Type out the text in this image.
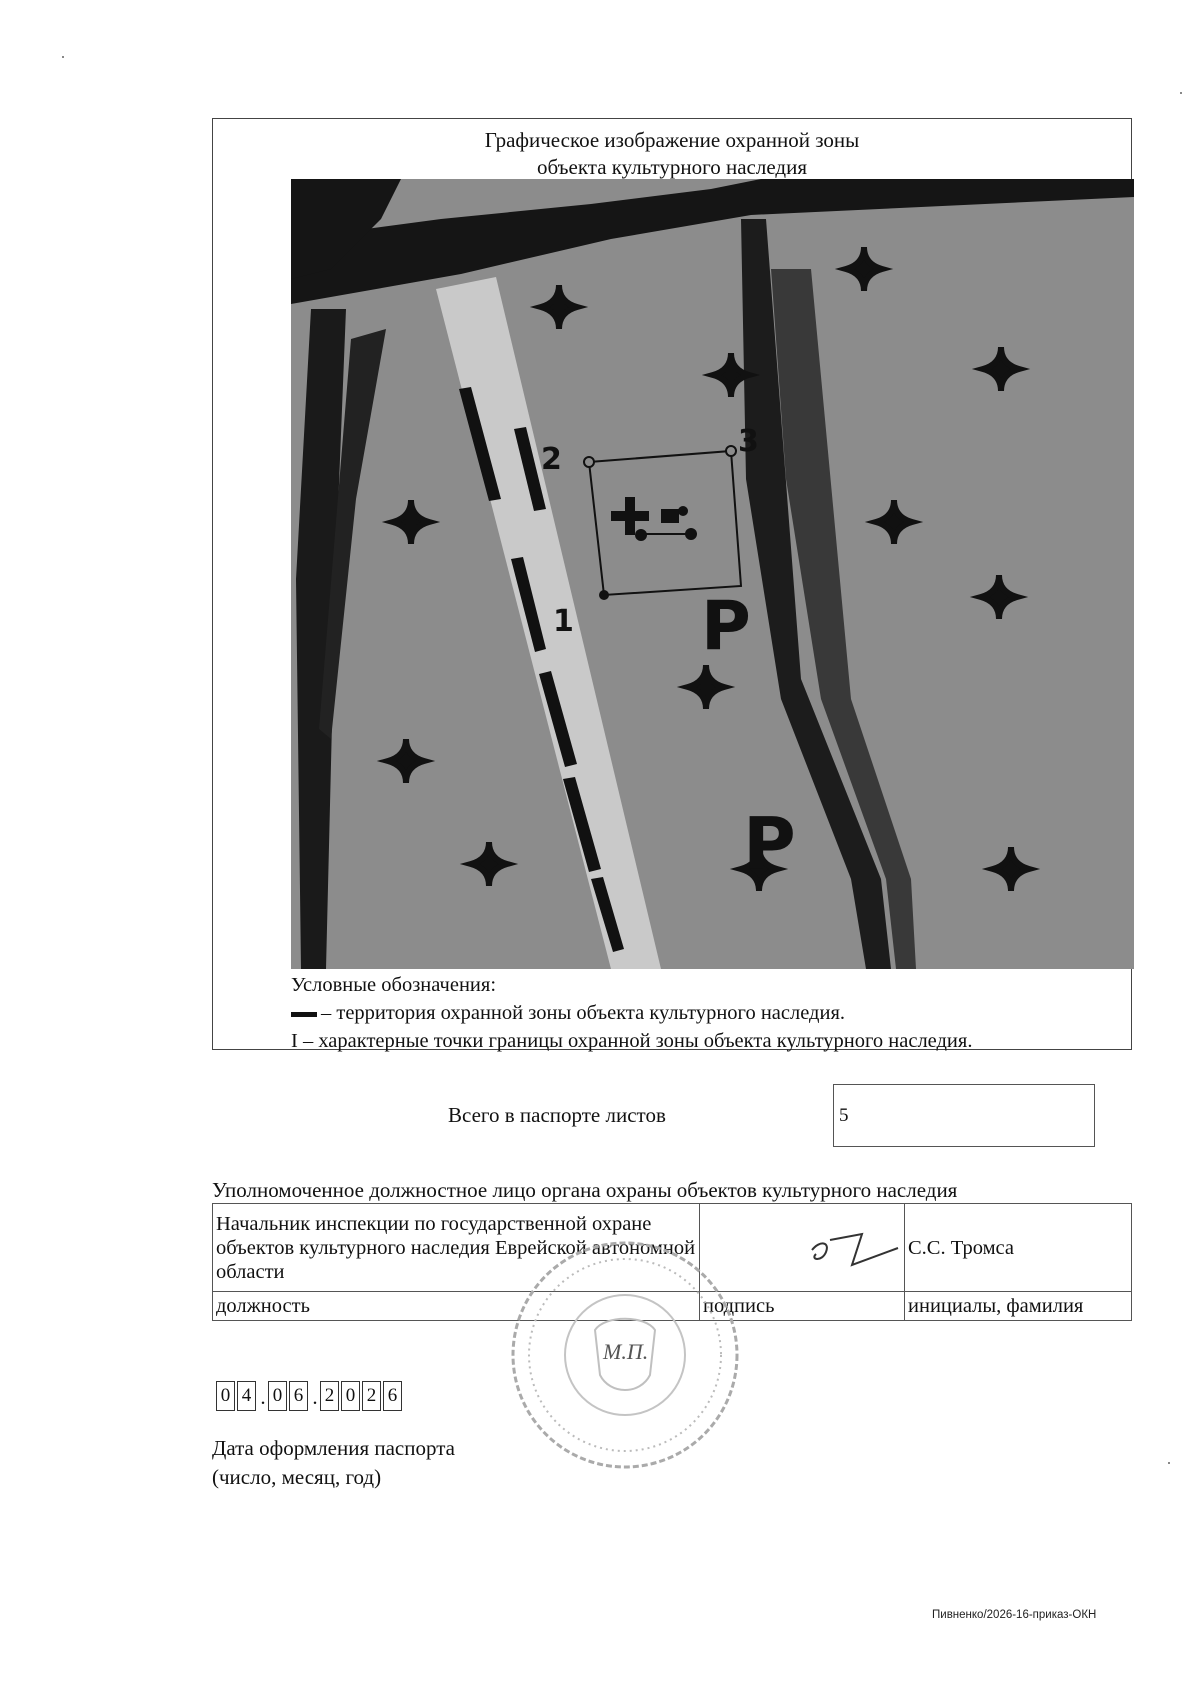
Графическое изображение охранной зоны
объекта культурного наследия
2
3
1 Р
Р
Условные обозначения:
– территория охранной зоны объекта культурного наследия.
I – характерные точки границы охранной зоны объекта культурного наследия.
Всего в паспорте листов	5
Уполномоченное должностное лицо органа охраны объектов культурного наследия
Начальник инспекции по государственной охране объектов культурного наследия Еврейской автономной области		С.С. Тромса
должность	подпись	инициалы, фамилия
М.П.
0 4 . 0 6 . 2 0 2 6
Дата оформления паспорта
(число, месяц, год)
Пивненко/2026-16-приказ-ОКН
